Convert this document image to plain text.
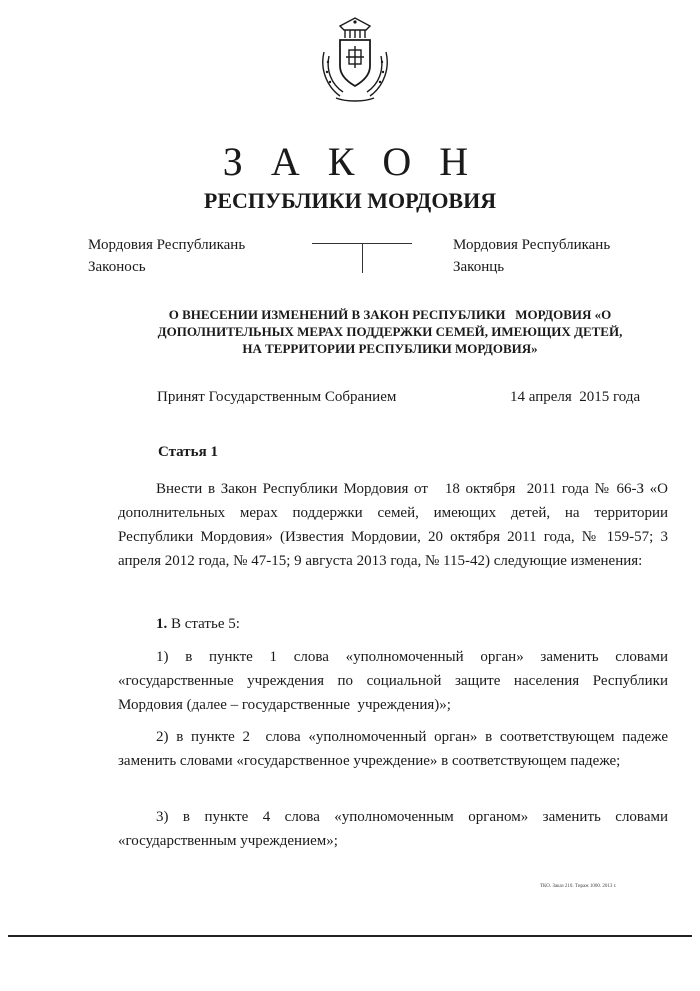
З А К О Н
РЕСПУБЛИКИ МОРДОВИЯ
Мордовия Республикань
Законось
Мордовия Республикань
Законць
О ВНЕСЕНИИ ИЗМЕНЕНИЙ В ЗАКОН РЕСПУБЛИКИ   МОРДОВИЯ «О
ДОПОЛНИТЕЛЬНЫХ МЕРАХ ПОДДЕРЖКИ СЕМЕЙ, ИМЕЮЩИХ ДЕТЕЙ,
НА ТЕРРИТОРИИ РЕСПУБЛИКИ МОРДОВИЯ»
Принят Государственным Собранием	14 апреля  2015 года
Статья 1
Внести в Закон Республики Мордовия от   18 октября  2011 года № 66-З «О дополнительных мерах поддержки семей, имеющих детей, на территории Республики Мордовия» (Известия Мордовии, 20 октября 2011 года, № 159-57; 3 апреля 2012 года, № 47-15; 9 августа 2013 года, № 115-42) следующие изменения:
1. В статье 5:
1) в пункте 1 слова «уполномоченный орган» заменить словами «государственные учреждения по социальной защите населения Республики Мордовия (далее – государственные  учреждения)»;
2) в пункте 2  слова «уполномоченный орган» в соответствующем падеже заменить словами «государственное учреждение» в соответствующем падеже;
3) в пункте 4 слова «уполномоченным органом» заменить словами «государственным учреждением»;
ТКО. Заказ 210. Тираж 1000. 2013 г.
